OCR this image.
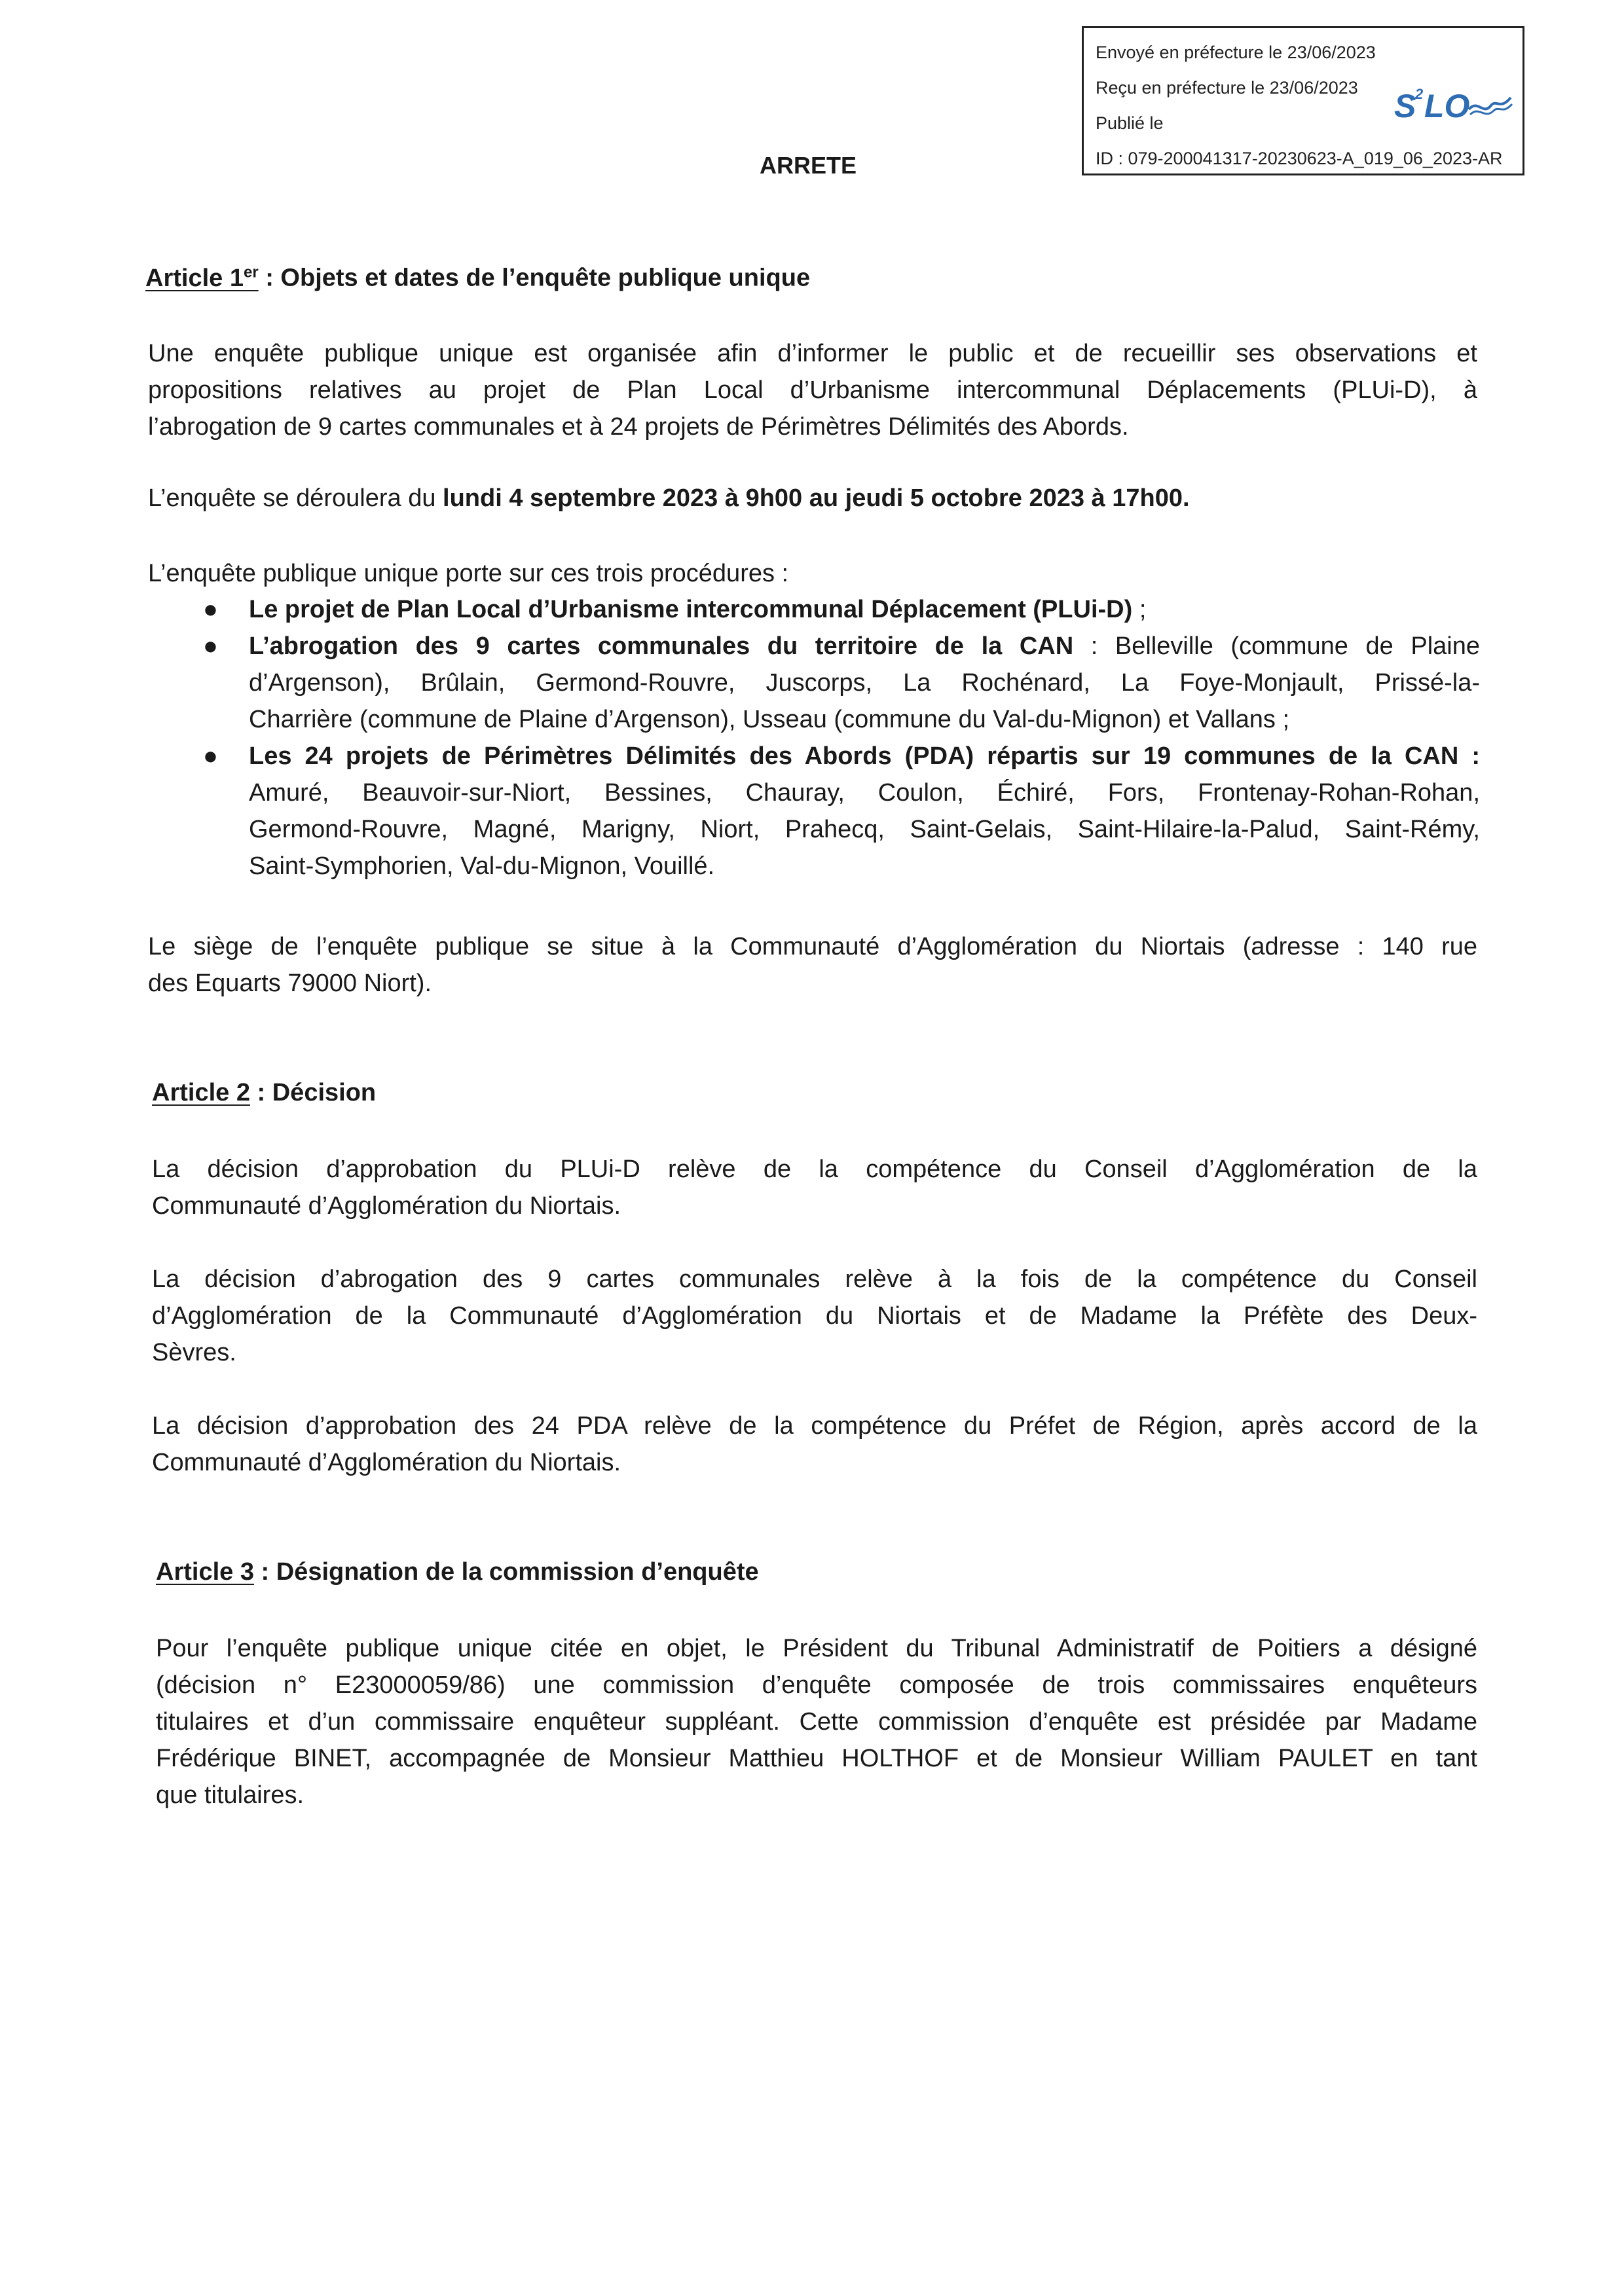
Envoyé en préfecture le 23/06/2023
Reçu en préfecture le 23/06/2023
Publié le
ID : 079-200041317-20230623-A_019_06_2023-AR
S
2 LO
ARRETE
Article 1er : Objets et dates de l’enquête publique unique
Une enquête publique unique est organisée afin d’informer le public et de recueillir ses observations et
propositions relatives au projet de Plan Local d’Urbanisme intercommunal Déplacements (PLUi-D), à
l’abrogation de 9 cartes communales et à 24 projets de Périmètres Délimités des Abords.
L’enquête se déroulera du lundi 4 septembre 2023 à 9h00 au jeudi 5 octobre 2023 à 17h00.
L’enquête publique unique porte sur ces trois procédures :
● Le projet de Plan Local d’Urbanisme intercommunal Déplacement (PLUi-D) ;
● L’abrogation des 9 cartes communales du territoire de la CAN : Belleville (commune de Plaine
d’Argenson), Brûlain, Germond-Rouvre, Juscorps, La Rochénard, La Foye-Monjault, Prissé-la-
Charrière (commune de Plaine d’Argenson), Usseau (commune du Val-du-Mignon) et Vallans ;
● Les 24 projets de Périmètres Délimités des Abords (PDA) répartis sur 19 communes de la CAN :
Amuré, Beauvoir-sur-Niort, Bessines, Chauray, Coulon, Échiré, Fors, Frontenay-Rohan-Rohan,
Germond-Rouvre, Magné, Marigny, Niort, Prahecq, Saint-Gelais, Saint-Hilaire-la-Palud, Saint-Rémy,
Saint-Symphorien, Val-du-Mignon, Vouillé.
Le siège de l’enquête publique se situe à la Communauté d’Agglomération du Niortais (adresse : 140 rue
des Equarts 79000 Niort).
Article 2 : Décision
La décision d’approbation du PLUi-D relève de la compétence du Conseil d’Agglomération de la
Communauté d’Agglomération du Niortais.
La décision d’abrogation des 9 cartes communales relève à la fois de la compétence du Conseil
d’Agglomération de la Communauté d’Agglomération du Niortais et de Madame la Préfète des Deux-
Sèvres.
La décision d’approbation des 24 PDA relève de la compétence du Préfet de Région, après accord de la
Communauté d’Agglomération du Niortais.
Article 3 : Désignation de la commission d’enquête
Pour l’enquête publique unique citée en objet, le Président du Tribunal Administratif de Poitiers a désigné
(décision n° E23000059/86) une commission d’enquête composée de trois commissaires enquêteurs
titulaires et d’un commissaire enquêteur suppléant. Cette commission d’enquête est présidée par Madame
Frédérique BINET, accompagnée de Monsieur Matthieu HOLTHOF et de Monsieur William PAULET en tant
que titulaires.
